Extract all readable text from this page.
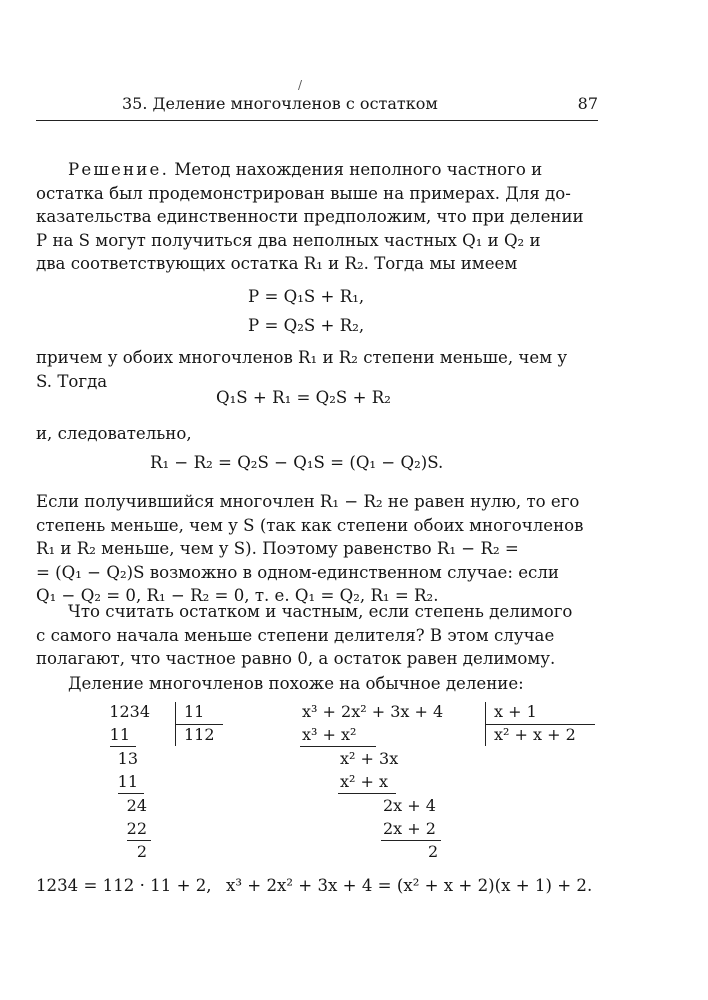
/
35. Деление многочленов с остатком	87
Решение. Метод нахождения неполного частного и
остатка был продемонстрирован выше на примерах. Для до-
казательства единственности предположим, что при делении
P на S могут получиться два неполных частных Q₁ и Q₂ и
два соответствующих остатка R₁ и R₂. Тогда мы имеем
P = Q₁S + R₁,
P = Q₂S + R₂,
причем у обоих многочленов R₁ и R₂ степени меньше, чем у
S. Тогда
Q₁S + R₁ = Q₂S + R₂
и, следовательно,
R₁ − R₂ = Q₂S − Q₁S = (Q₁ − Q₂)S.
Если получившийся многочлен R₁ − R₂ не равен нулю, то его
степень меньше, чем у S (так как степени обоих многочленов
R₁ и R₂ меньше, чем у S). Поэтому равенство R₁ − R₂ =
= (Q₁ − Q₂)S возможно в одном-единственном случае: если
Q₁ − Q₂ = 0, R₁ − R₂ = 0, т. е. Q₁ = Q₂, R₁ = R₂.
Что считать остатком и частным, если степень делимого
с самого начала меньше степени делителя? В этом случае
полагают, что частное равно 0, а остаток равен делимому.
Деление многочленов похоже на обычное деление:
1234 11
112
11
13
11
24
22
2
x³ + 2x² + 3x + 4	x + 1
x² + x + 2
x³ + x²
x² + 3x
x² + x
2x + 4
2x + 2
2
1234 = 112 · 11 + 2, x³ + 2x² + 3x + 4 = (x² + x + 2)(x + 1) + 2.
